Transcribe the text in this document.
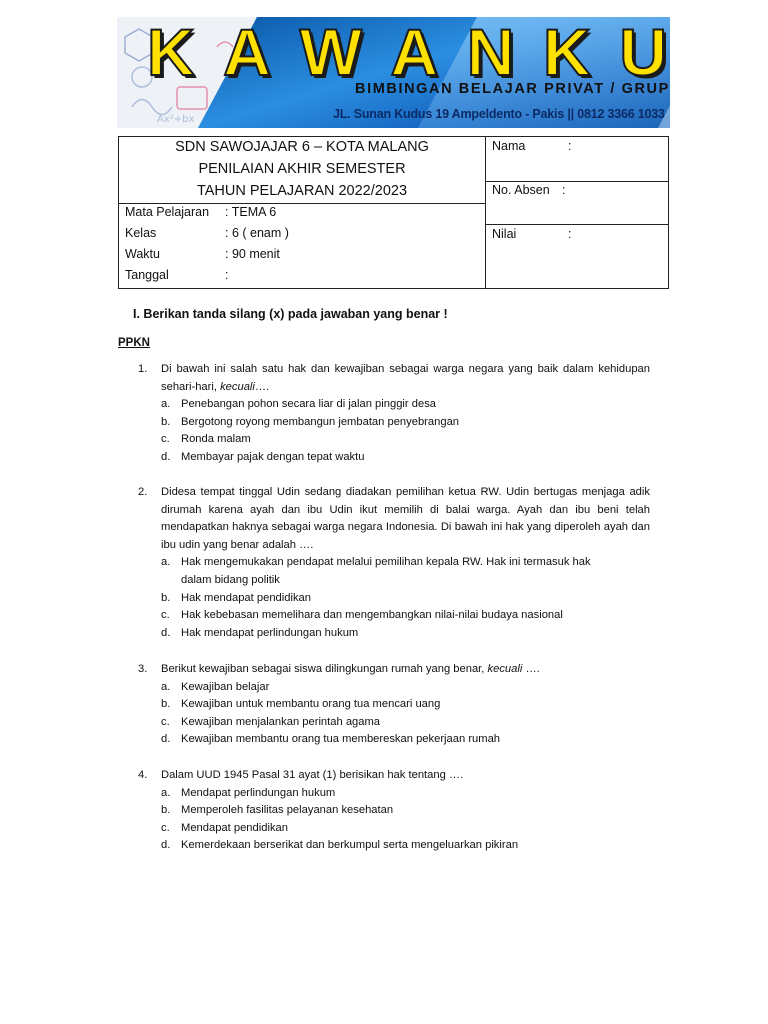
Ax²+bx
K A W A N K U
BIMBINGAN BELAJAR PRIVAT / GRUP
JL. Sunan Kudus 19 Ampeldento - Pakis || 0812 3366 1033
SDN SAWOJAJAR 6 – KOTA MALANG
PENILAIAN AKHIR SEMESTER
TAHUN PELAJARAN 2022/2023
Mata Pelajaran : TEMA 6
Kelas	: 6 ( enam )
Waktu	: 90 menit
Tanggal	:
Nama	:
No. Absen :
Nilai	:
I. Berikan tanda silang (x) pada jawaban yang benar !
PPKN
1. Di bawah ini salah satu hak dan kewajiban sebagai warga negara yang baik dalam kehidupan sehari-hari, kecuali….
a. Penebangan pohon secara liar di jalan pinggir desa
b. Bergotong royong membangun jembatan penyebrangan
c. Ronda malam
d. Membayar pajak dengan tepat waktu
2. Didesa tempat tinggal Udin sedang diadakan pemilihan ketua RW. Udin bertugas menjaga adik dirumah karena ayah dan ibu Udin ikut memilih di balai warga. Ayah dan ibu beni telah mendapatkan haknya sebagai warga negara Indonesia. Di bawah ini hak yang diperoleh ayah dan ibu udin yang benar adalah ….
a. Hak mengemukakan pendapat melalui pemilihan kepala RW. Hak ini termasuk hak dalam bidang politik
b. Hak mendapat pendidikan
c. Hak kebebasan memelihara dan mengembangkan nilai-nilai budaya nasional
d. Hak mendapat perlindungan hukum
3. Berikut kewajiban sebagai siswa dilingkungan rumah yang benar, kecuali ….
a. Kewajiban belajar
b. Kewajiban untuk membantu orang tua mencari uang
c. Kewajiban menjalankan perintah agama
d. Kewajiban membantu orang tua membereskan pekerjaan rumah
4. Dalam UUD 1945 Pasal 31 ayat (1) berisikan hak tentang ….
a. Mendapat perlindungan hukum
b. Memperoleh fasilitas pelayanan kesehatan
c. Mendapat pendidikan
d. Kemerdekaan berserikat dan berkumpul serta mengeluarkan pikiran
